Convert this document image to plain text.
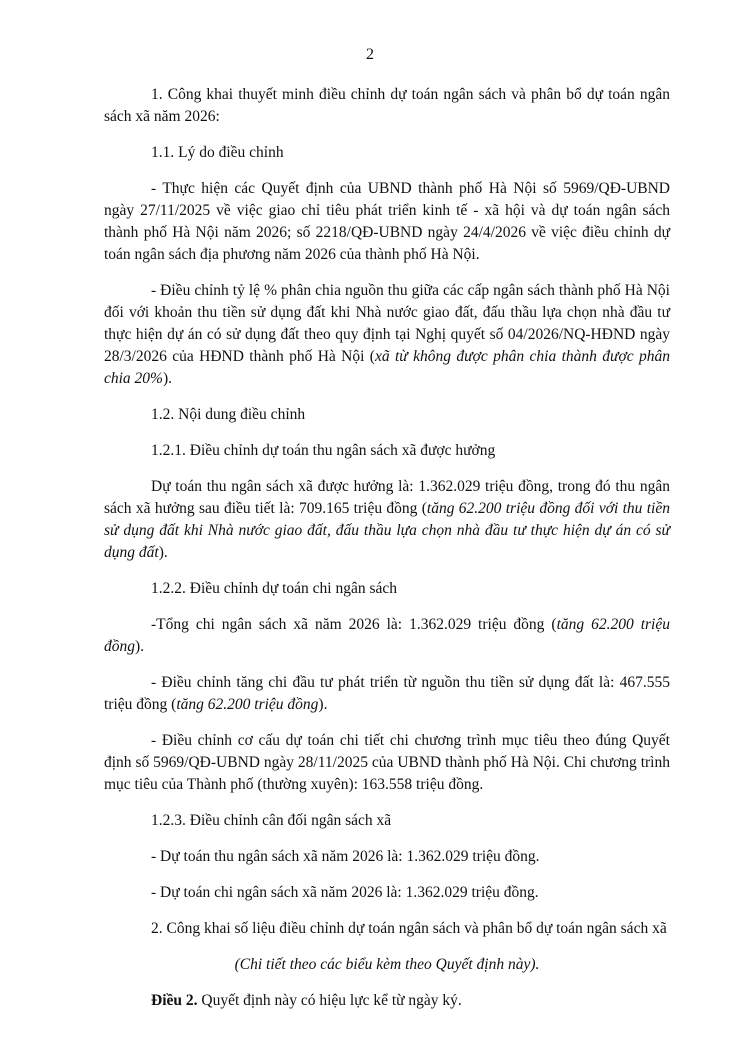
2

1. Công khai thuyết minh điều chỉnh dự toán ngân sách và phân bổ dự toán ngân sách xã năm 2026:

1.1. Lý do điều chỉnh

- Thực hiện các Quyết định của UBND thành phố Hà Nội số 5969/QĐ-UBND ngày 27/11/2025 về việc giao chỉ tiêu phát triển kinh tế - xã hội và dự toán ngân sách thành phố Hà Nội năm 2026; số 2218/QĐ-UBND ngày 24/4/2026 về việc điều chỉnh dự toán ngân sách địa phương năm 2026 của thành phố Hà Nội.

- Điều chỉnh tỷ lệ % phân chia nguồn thu giữa các cấp ngân sách thành phố Hà Nội đối với khoản thu tiền sử dụng đất khi Nhà nước giao đất, đấu thầu lựa chọn nhà đầu tư thực hiện dự án có sử dụng đất theo quy định tại Nghị quyết số 04/2026/NQ-HĐND ngày 28/3/2026 của HĐND thành phố Hà Nội (xã từ không được phân chia thành được phân chia 20%).

1.2. Nội dung điều chỉnh

1.2.1. Điều chỉnh dự toán thu ngân sách xã được hưởng

Dự toán thu ngân sách xã được hưởng là: 1.362.029 triệu đồng, trong đó thu ngân sách xã hưởng sau điều tiết là: 709.165 triệu đồng (tăng 62.200 triệu đồng đối với thu tiền sử dụng đất khi Nhà nước giao đất, đấu thầu lựa chọn nhà đầu tư thực hiện dự án có sử dụng đất).

1.2.2. Điều chỉnh dự toán chi ngân sách

-Tổng chi ngân sách xã năm 2026 là: 1.362.029 triệu đồng (tăng 62.200 triệu đồng).

- Điều chỉnh tăng chi đầu tư phát triển từ nguồn thu tiền sử dụng đất là: 467.555 triệu đồng (tăng 62.200 triệu đồng).

- Điều chỉnh cơ cấu dự toán chi tiết chi chương trình mục tiêu theo đúng Quyết định số 5969/QĐ-UBND ngày 28/11/2025 của UBND thành phố Hà Nội. Chi chương trình mục tiêu của Thành phố (thường xuyên): 163.558 triệu đồng.

1.2.3. Điều chỉnh cân đối ngân sách xã

- Dự toán thu ngân sách xã năm 2026 là: 1.362.029 triệu đồng.

- Dự toán chi ngân sách xã năm 2026 là: 1.362.029 triệu đồng.

2. Công khai số liệu điều chỉnh dự toán ngân sách và phân bổ dự toán ngân sách xã

(Chi tiết theo các biểu kèm theo Quyết định này).

Điều 2. Quyết định này có hiệu lực kể từ ngày ký.
